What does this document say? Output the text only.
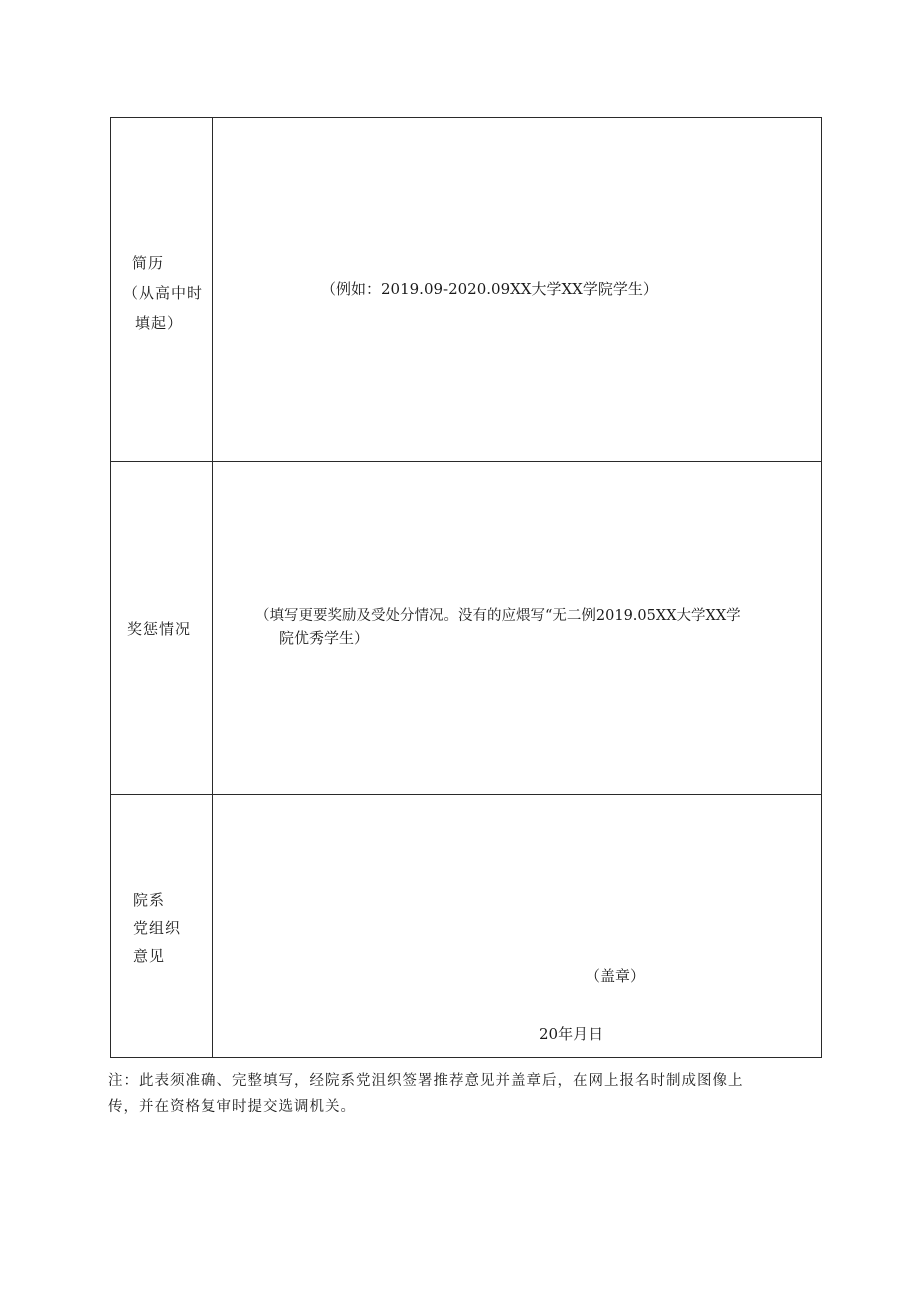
简历
（从高中时
填起）
（例如：2019.09-2020.09XX大学XX学院学生）
奖惩情况
（填写更要奖励及受处分情况。没有的应煨写“无二例2019.05XX大学XX学
院优秀学生）
院系
党组织
意见
（盖章）
20年月日
注：此表须准确、完整填写，经院系党沮织签署推荐意见并盖章后，在网上报名时制成图像上
传，并在资格复审时提交选调机关。
